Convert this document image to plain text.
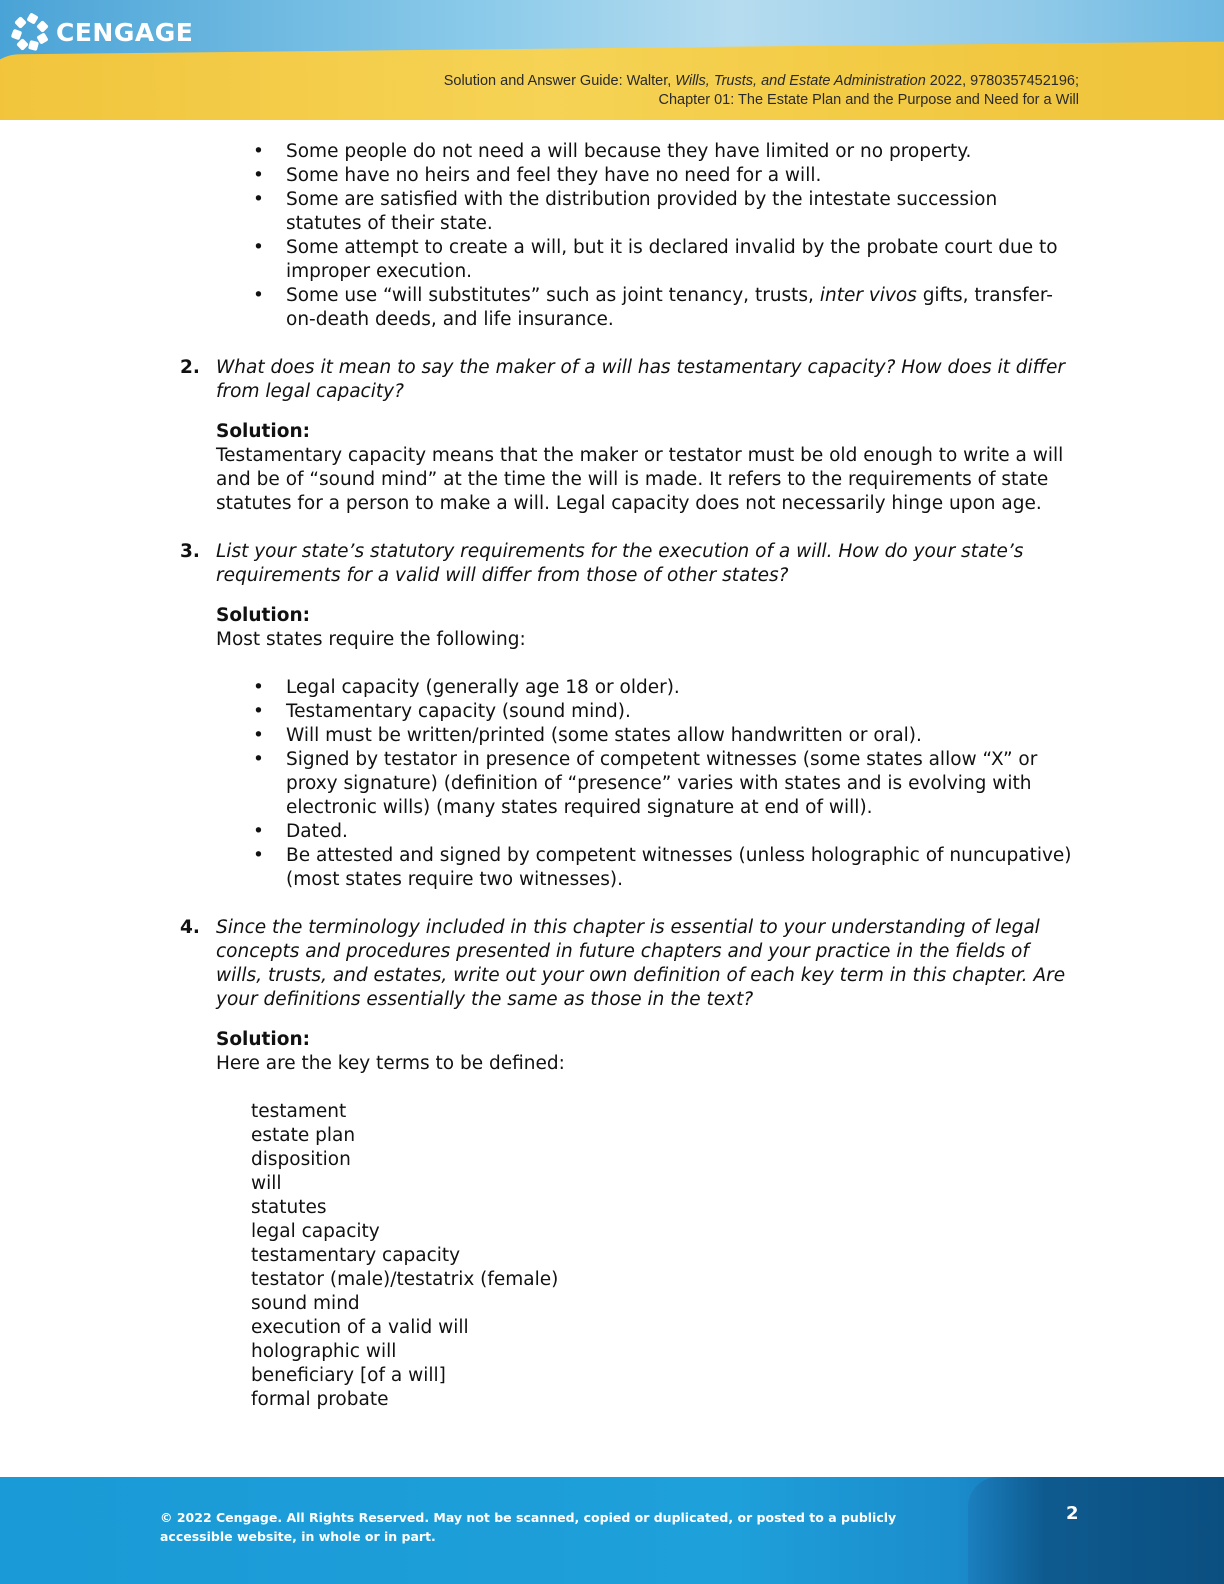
CENGAGE
Solution and Answer Guide: Walter, Wills, Trusts, and Estate Administration 2022, 9780357452196;
Chapter 01: The Estate Plan and the Purpose and Need for a Will
• Some people do not need a will because they have limited or no property.
• Some have no heirs and feel they have no need for a will.
• Some are satisfied with the distribution provided by the intestate succession statutes of their state.
• Some attempt to create a will, but it is declared invalid by the probate court due to improper execution.
• Some use “will substitutes” such as joint tenancy, trusts, inter vivos gifts, transfer-on-death deeds, and life insurance.
2. What does it mean to say the maker of a will has testamentary capacity? How does it differ from legal capacity?
Solution:
Testamentary capacity means that the maker or testator must be old enough to write a will and be of “sound mind” at the time the will is made. It refers to the requirements of state statutes for a person to make a will. Legal capacity does not necessarily hinge upon age.
3. List your state’s statutory requirements for the execution of a will. How do your state’s requirements for a valid will differ from those of other states?
Solution:
Most states require the following:
• Legal capacity (generally age 18 or older).
• Testamentary capacity (sound mind).
• Will must be written/printed (some states allow handwritten or oral).
• Signed by testator in presence of competent witnesses (some states allow “X” or proxy signature) (definition of “presence” varies with states and is evolving with electronic wills) (many states required signature at end of will).
• Dated.
• Be attested and signed by competent witnesses (unless holographic of nuncupative) (most states require two witnesses).
4. Since the terminology included in this chapter is essential to your understanding of legal concepts and procedures presented in future chapters and your practice in the fields of wills, trusts, and estates, write out your own definition of each key term in this chapter. Are your definitions essentially the same as those in the text?
Solution:
Here are the key terms to be defined:
testament
estate plan
disposition
will
statutes
legal capacity
testamentary capacity
testator (male)/testatrix (female)
sound mind
execution of a valid will
holographic will
beneficiary [of a will]
formal probate
© 2022 Cengage. All Rights Reserved. May not be scanned, copied or duplicated, or posted to a publicly accessible website, in whole or in part.
2
